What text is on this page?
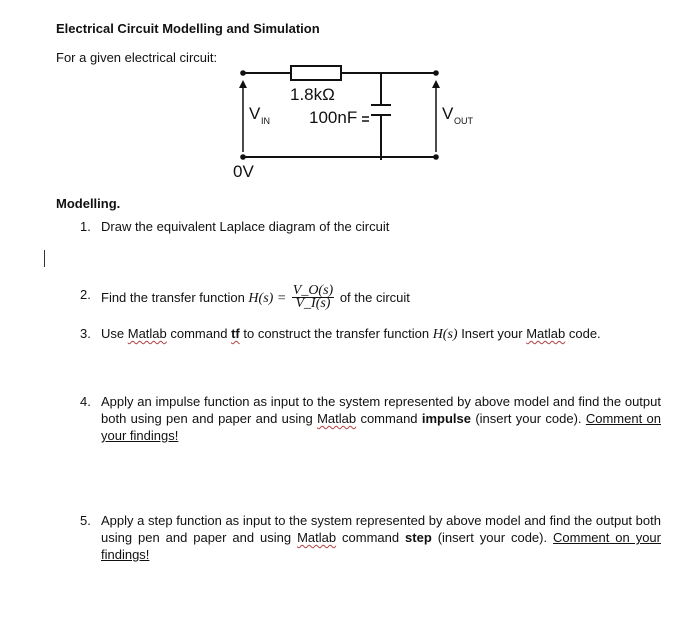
Electrical Circuit Modelling and Simulation
For a given electrical circuit:
1.8kΩ
100nF
V IN	V OUT
0V
Modelling.
1. Draw the equivalent Laplace diagram of the circuit
2. Find the transfer function $H(s) = \frac{V\_O(s)}{V\_I(s)}$ of the circuit
3. Use Matlab command tf to construct the transfer function H(s) Insert your Matlab code.
4. Apply an impulse function as input to the system represented by above model and find the output both using pen and paper and using Matlab command impulse (insert your code). Comment on your findings!
5. Apply a step function as input to the system represented by above model and find the output both using pen and paper and using Matlab command step (insert your code). Comment on your findings!
